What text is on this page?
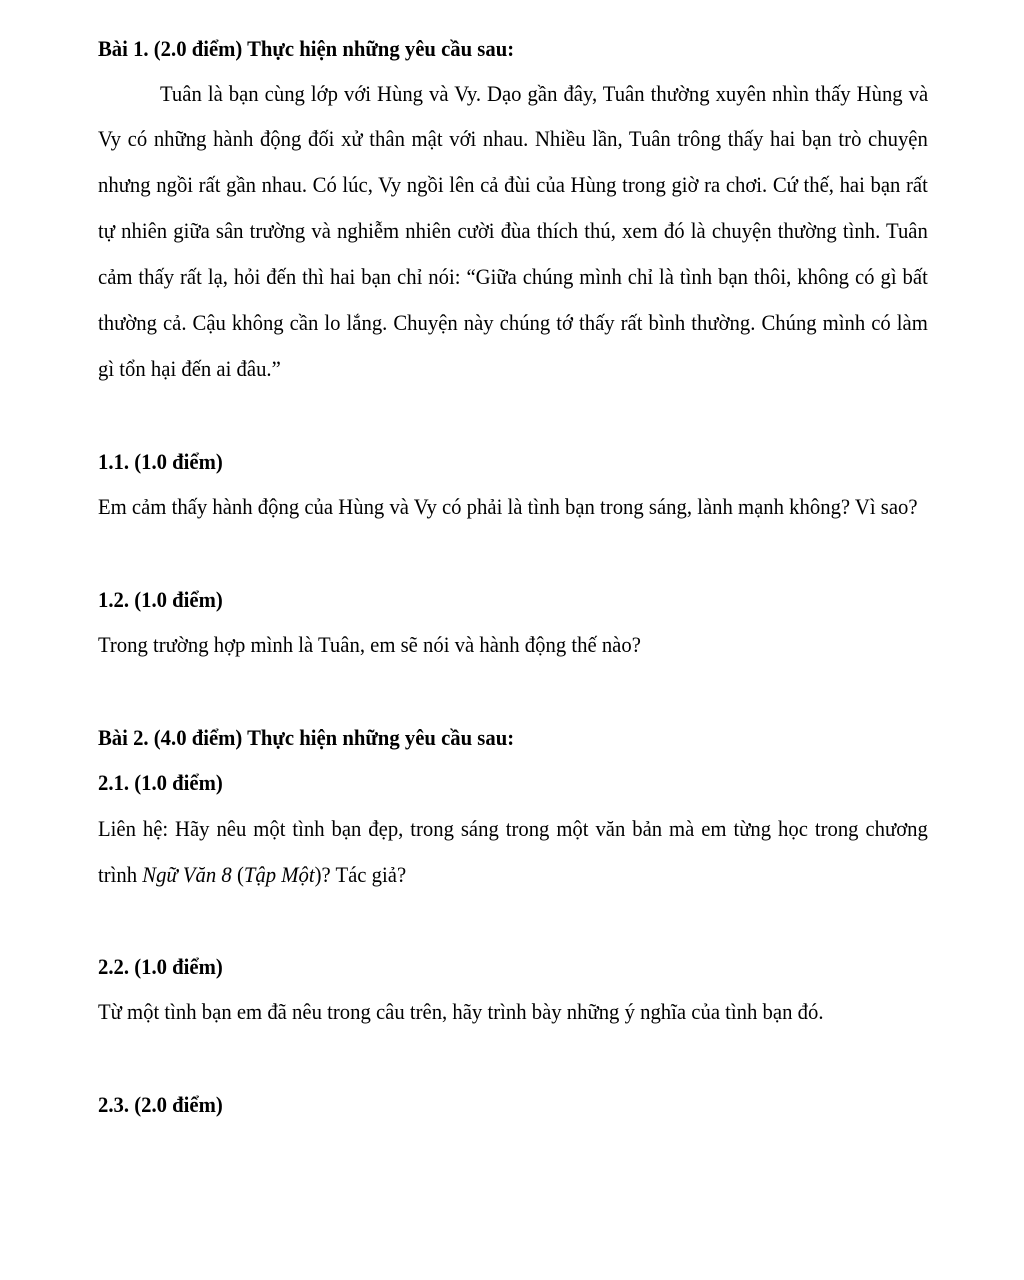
Bài 1. (2.0 điểm) Thực hiện những yêu cầu sau:
Tuân là bạn cùng lớp với Hùng và Vy. Dạo gần đây, Tuân thường xuyên nhìn thấy Hùng và
Vy có những hành động đối xử thân mật với nhau. Nhiều lần, Tuân trông thấy hai bạn trò chuyện
nhưng ngồi rất gần nhau. Có lúc, Vy ngồi lên cả đùi của Hùng trong giờ ra chơi. Cứ thế, hai bạn rất
tự nhiên giữa sân trường và nghiễm nhiên cười đùa thích thú, xem đó là chuyện thường tình. Tuân
cảm thấy rất lạ, hỏi đến thì hai bạn chỉ nói: “Giữa chúng mình chỉ là tình bạn thôi, không có gì bất
thường cả. Cậu không cần lo lắng. Chuyện này chúng tớ thấy rất bình thường. Chúng mình có làm
gì tổn hại đến ai đâu.”
1.1. (1.0 điểm)
Em cảm thấy hành động của Hùng và Vy có phải là tình bạn trong sáng, lành mạnh không? Vì sao?
1.2. (1.0 điểm)
Trong trường hợp mình là Tuân, em sẽ nói và hành động thế nào?
Bài 2. (4.0 điểm) Thực hiện những yêu cầu sau:
2.1. (1.0 điểm)
Liên hệ: Hãy nêu một tình bạn đẹp, trong sáng trong một văn bản mà em từng học trong chương
trình Ngữ Văn 8 (Tập Một)? Tác giả?
2.2. (1.0 điểm)
Từ một tình bạn em đã nêu trong câu trên, hãy trình bày những ý nghĩa của tình bạn đó.
2.3. (2.0 điểm)
